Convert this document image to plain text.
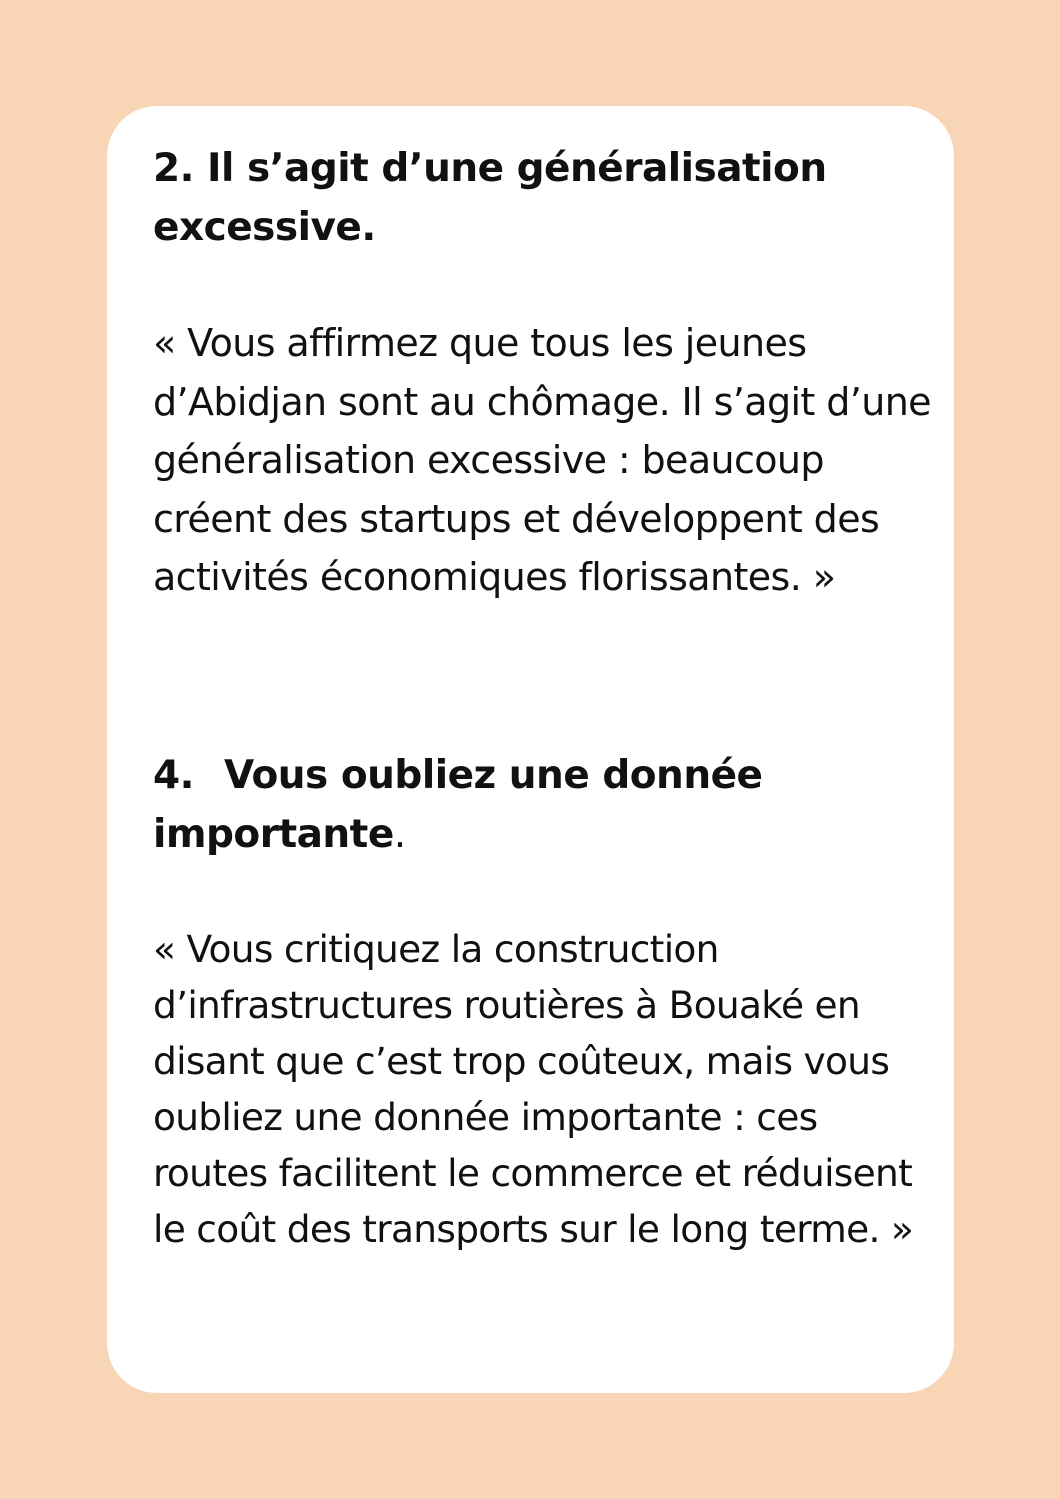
2. Il s’agit d’une généralisation excessive.

« Vous affirmez que tous les jeunes d’Abidjan sont au chômage. Il s’agit d’une généralisation excessive : beaucoup créent des startups et développent des activités économiques florissantes. »

4. Vous oubliez une donnée importante.

« Vous critiquez la construction d’infrastructures routières à Bouaké en disant que c’est trop coûteux, mais vous oubliez une donnée importante : ces routes facilitent le commerce et réduisent le coût des transports sur le long terme. »
